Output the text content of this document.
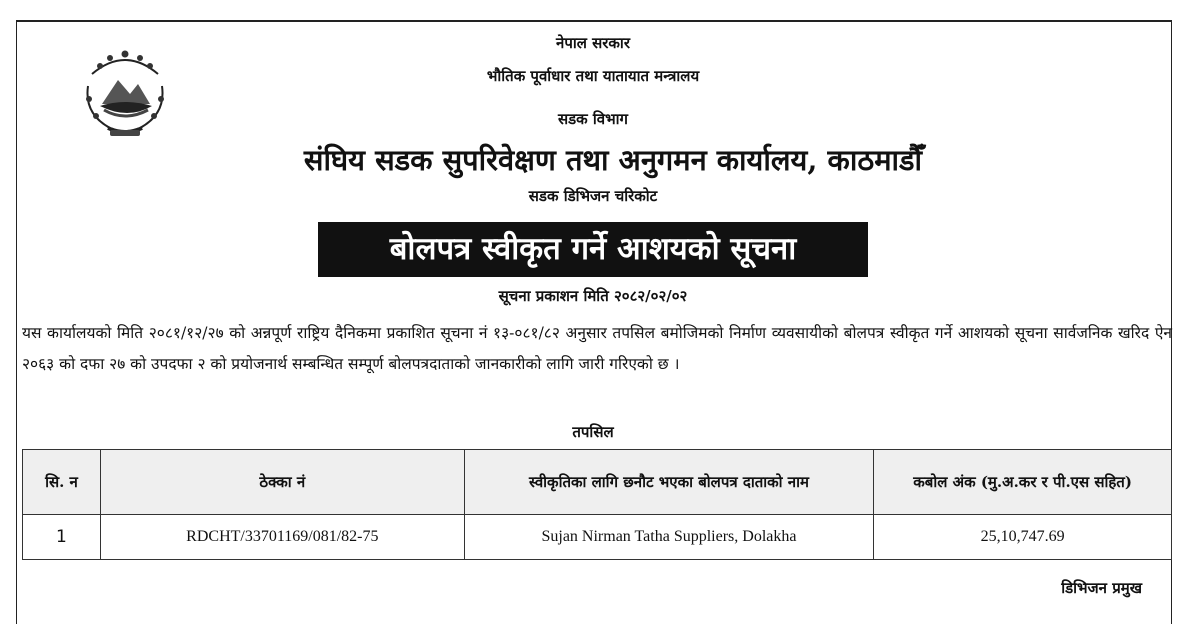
नेपाल सरकार
भौतिक पूर्वाधार तथा यातायात मन्त्रालय
सडक विभाग
संघिय सडक सुपरिवेक्षण तथा अनुगमन कार्यालय, काठमाडौँ
सडक डिभिजन चरिकोट
बोलपत्र स्वीकृत गर्ने आशयको सूचना
सूचना प्रकाशन मिति २०८२/०२/०२
यस कार्यालयको मिति २०८१/१२/२७ को अन्नपूर्ण राष्ट्रिय दैनिकमा प्रकाशित सूचना नं १३-०८१/८२ अनुसार तपसिल बमोजिमको निर्माण व्यवसायीको बोलपत्र स्वीकृत गर्ने आशयको सूचना सार्वजनिक खरिद ऐन २०६३ को दफा २७ को उपदफा २ को प्रयोजनार्थ सम्बन्धित सम्पूर्ण बोलपत्रदाताको जानकारीको लागि जारी गरिएको छ ।
तपसिल
सि. न	ठेक्का नं	स्वीकृतिका लागि छनौट भएका बोलपत्र दाताको नाम	कबोल अंक (मु.अ.कर र पी.एस सहित)
1	RDCHT/33701169/081/82-75	Sujan Nirman Tatha Suppliers, Dolakha	25,10,747.69
डिभिजन प्रमुख
